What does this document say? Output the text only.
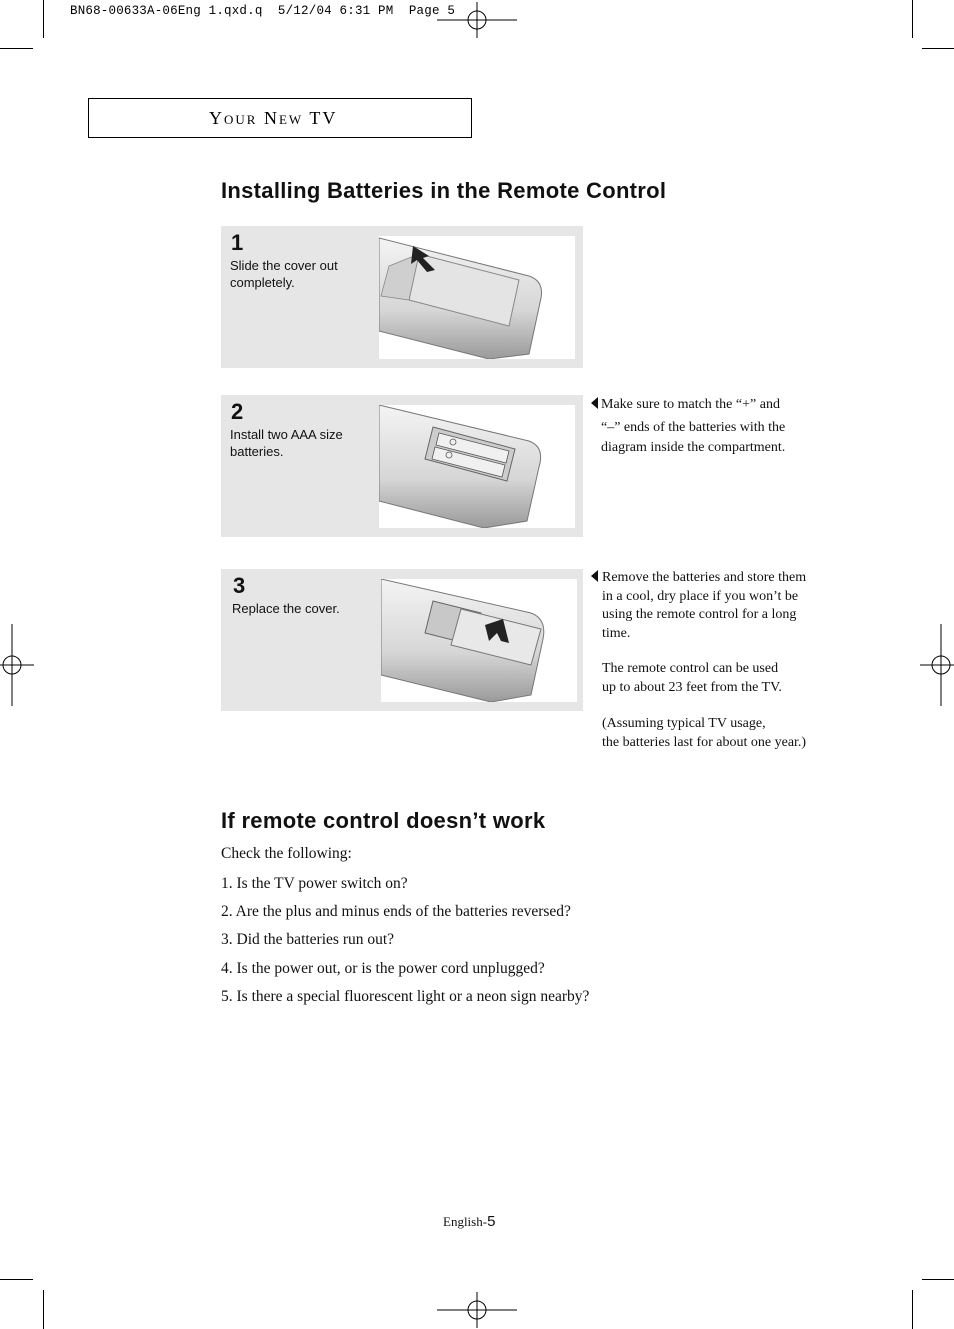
BN68-00633A-06Eng 1.qxd.q  5/12/04 6:31 PM  Page 5
Your New TV
Installing Batteries in the Remote Control
1
Slide the cover out completely.
2
Install two AAA size batteries.
Make sure to match the “+” and
“–” ends of the batteries with the
diagram inside the compartment.
3
Replace the cover.
Remove the batteries and store them
in a cool, dry place if you won’t be
using the remote control for a long
time.
The remote control can be used
up to about 23 feet from the TV.
(Assuming typical TV usage,
the batteries last for about one year.)
If remote control doesn’t work
Check the following:
1. Is the TV power switch on?
2. Are the plus and minus ends of the batteries reversed?
3. Did the batteries run out?
4. Is the power out, or is the power cord unplugged?
5. Is there a special fluorescent light or a neon sign nearby?
English-5
